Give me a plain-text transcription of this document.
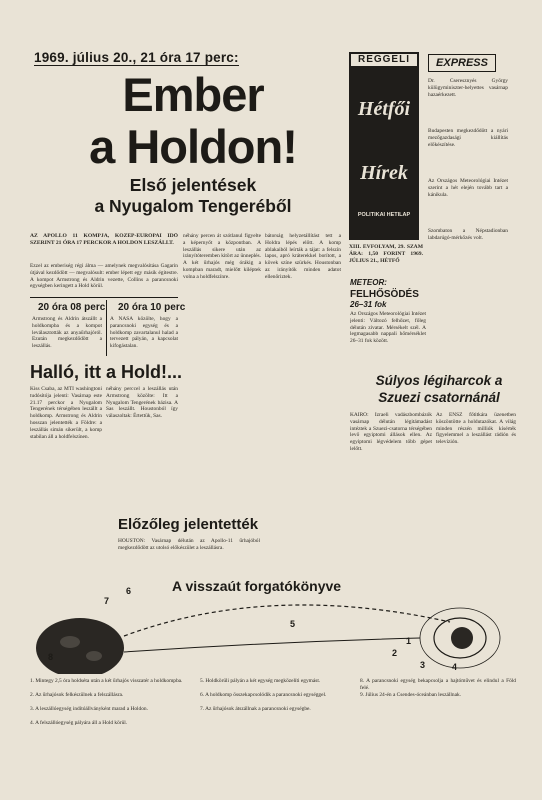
1969. július 20., 21 óra 17 perc:
Ember
a Holdon!
Első jelentések
a Nyugalom Tengeréből
AZ APOLLO 11 KOMPJA, KÖZÉP-EURÓPAI IDŐ SZERINT 21 ÓRA 17 PERCKOR A HOLDON LESZÁLLT.
Ezzel az emberiség régi álma — amelynek megvalósítása Gagarin útjával kezdődött — megvalósult: ember lépett egy másik égitestre. A kompot Armstrong és Aldrin vezette, Collins a parancsnoki egységben keringett a Hold körül.
20 óra 08 perc
Armstrong és Aldrin átszállt a holdkompba és a kompot leválasztották az anyaűrhajóról. Ezután megkezdődött a leszállás.
20 óra 10 perc
A NASA közölte, hogy a parancsnoki egység és a holdkomp zavartalanul halad a tervezett pályán, a kapcsolat kifogástalan.
néhány percen át szótlanul figyelte a képernyőt a központban. A leszállás sikere után az irányítóteremben kitört az ünneplés. A két űrhajós még órákig a kompban maradt, mielőtt kiléptek volna a holdfelszínre.
bátorság helyzetállítást tett a Holdra lépés előtt. A komp ablakaiból leírták a tájat: a felszín lapos, apró kráterekkel borított, a kövek színe szürkés. Houstonban az irányítók minden adatot ellenőriztek.
Halló, itt a Hold!...
Kiss Csaba, az MTI washingtoni tudósítója jelenti: Vasárnap este 21.17 perckor a Nyugalom Tengerének térségében leszállt a holdkomp. Armstrong és Aldrin hosszan jelentették a Földre: a leszállás simán sikerült, a komp stabilan áll a holdfelszínen.
néhány perccel a leszállás után Armstrong közölte: Itt a Nyugalom Tengerének bázisa. A Sas leszállt. Houstonból így válaszoltak: Értettük, Sas.
Előzőleg jelentették
HOUSTON: Vasárnap délután az Apollo-11 űrhajóból megkezdődött az utolsó előkészület a leszállásra.
REGGELI
Hétfői
Hírek
POLITIKAI HETILAP
XIII. ÉVFOLYAM, 29. SZÁM ÁRA: 1,50 FORINT 1969. JÚLIUS 21., HÉTFŐ
EXPRESS
Dr. Cseresznyés György külügyminiszter-helyettes vasárnap hazaérkezett.
Budapesten megkezdődött a nyári mezőgazdasági kiállítás előkészítése.
Az Országos Meteorológiai Intézet szerint a hét elején tovább tart a kánikula.
Szombaton a Népstadionban labdarúgó-mérkőzés volt.
METEOR:
FELHŐSÖDÉS
26–31 fok
Az Országos Meteorológiai Intézet jelenti: Változó felhőzet, főleg délután zivatar. Mérsékelt szél. A legmagasabb nappali hőmérséklet 26–31 fok között.
Súlyos légiharcok a Szuezi csatornánál
KAIRO: Izraeli vadászbombázók vasárnap délután légitámadást intéztek a Szuezi-csatorna térségében levő egyiptomi állások ellen. Az egyiptomi légvédelem több gépet lelőtt.
Az ENSZ főtitkára üzenetben köszöntötte a holdutazókat. A világ minden részén milliók kísérték figyelemmel a leszállást rádión és televízión.
A visszaút forgatókönyve
6
7
5
1
2
3	4
8
1. Mintegy 2,5 óra holdséta után a két űrhajós visszatér a holdkompba.
2. Az űrhajósok felkészülnek a felszállásra.
3. A leszállóegység indítóállványként marad a Holdon.
4. A felszállóegység pályára áll a Hold körül.
5. Holdkörüli pályán a két egység megközelíti egymást.
6. A holdkomp összekapcsolódik a parancsnoki egységgel.
7. Az űrhajósok átszállnak a parancsnoki egységbe.
8. A parancsnoki egység bekapcsolja a hajtóművet és elindul a Föld felé.
9. Július 24-én a Csendes-óceánban leszállnak.
